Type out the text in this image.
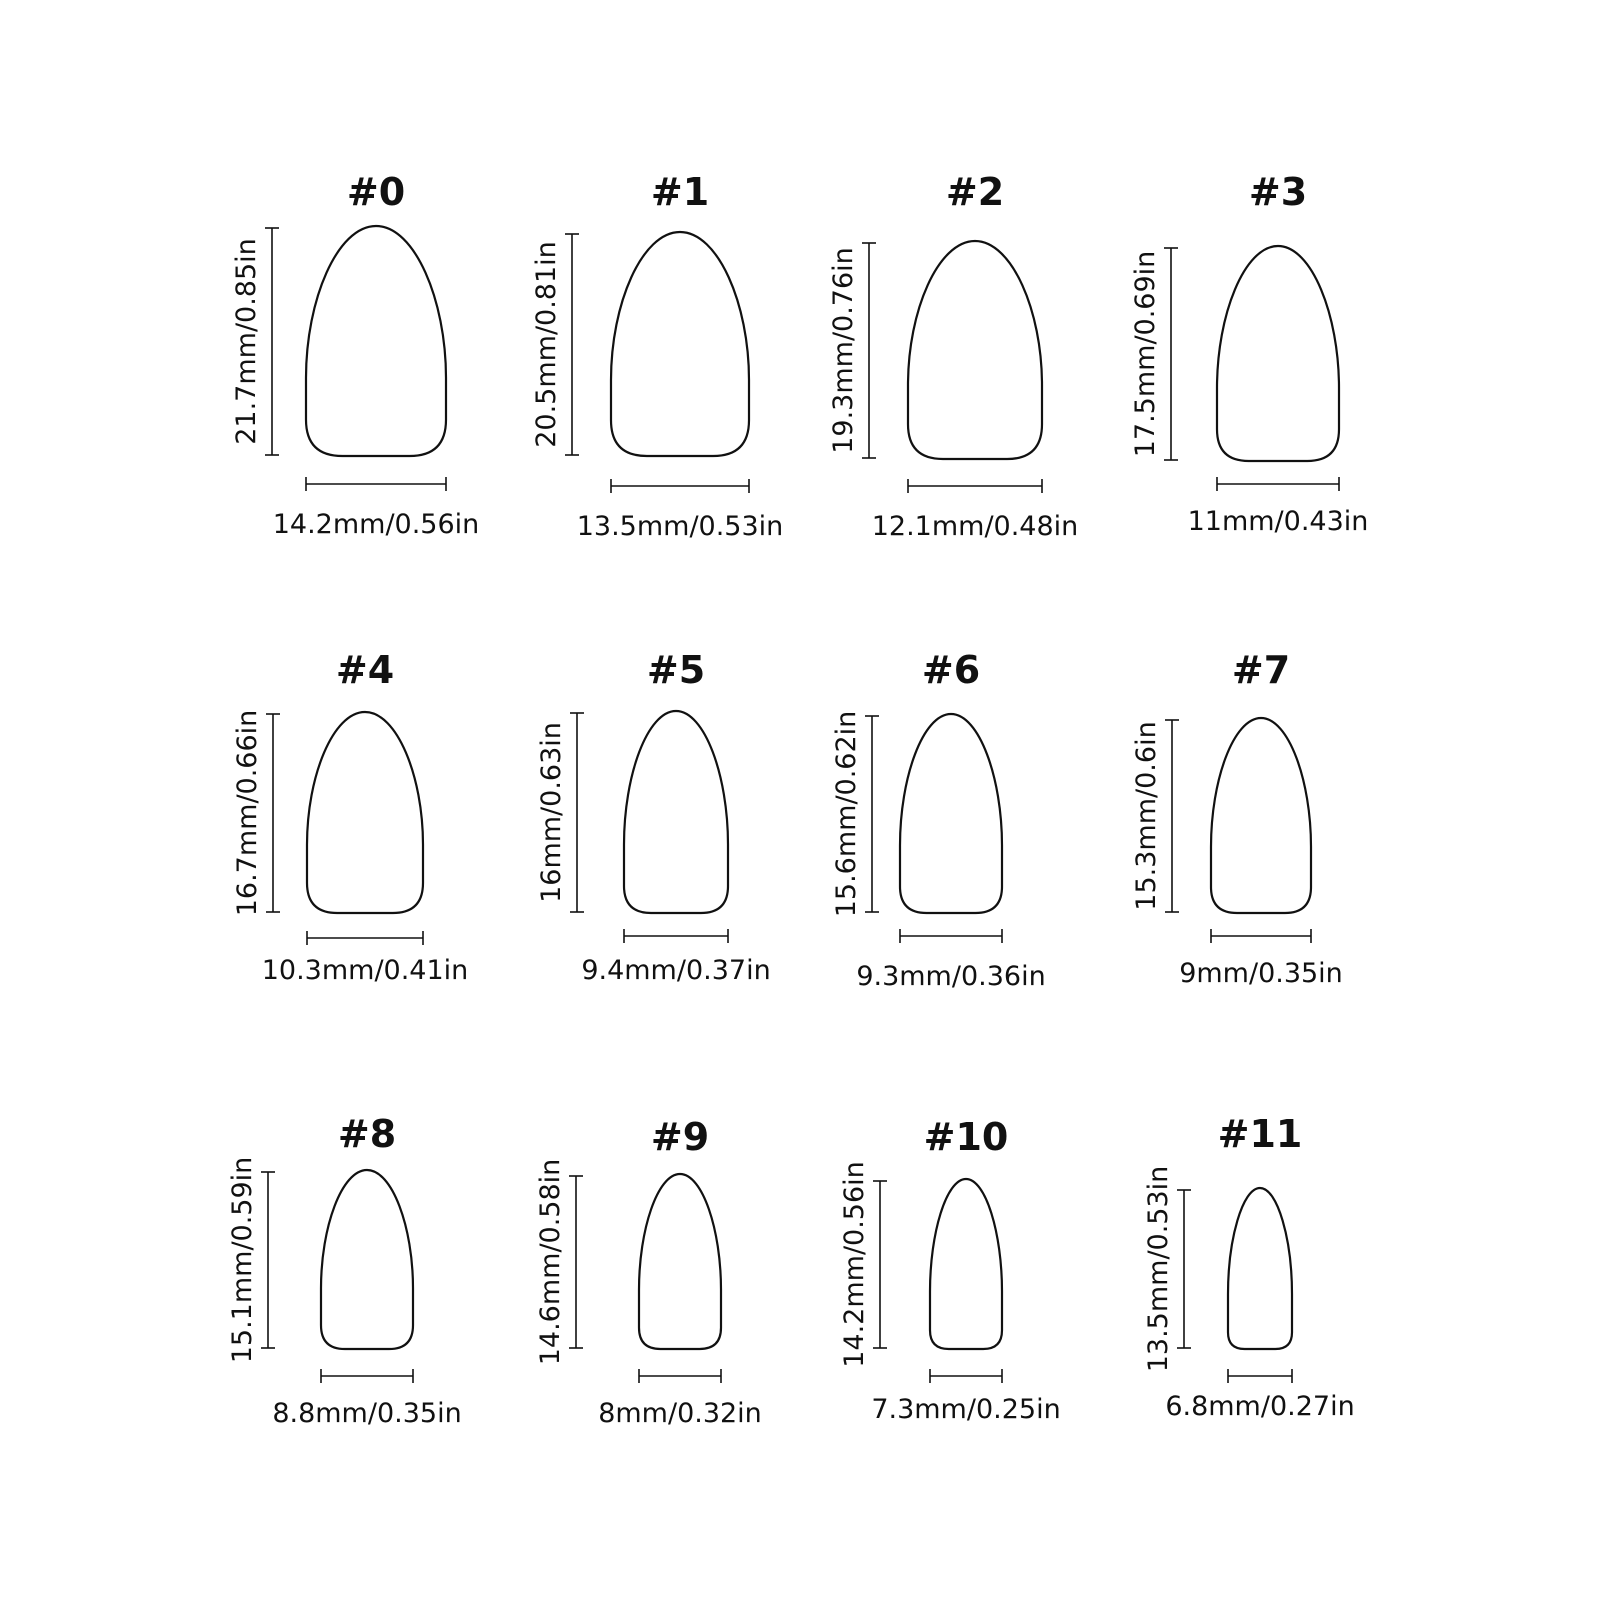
#0
21.7mm/0.85in
14.2mm/0.56in
#1
20.5mm/0.81in
13.5mm/0.53in
#2
19.3mm/0.76in
12.1mm/0.48in
#3
17.5mm/0.69in
11mm/0.43in
#4
16.7mm/0.66in
10.3mm/0.41in
#5
16mm/0.63in
9.4mm/0.37in
#6
15.6mm/0.62in
9.3mm/0.36in
#7
15.3mm/0.6in
9mm/0.35in
#8
15.1mm/0.59in
8.8mm/0.35in
#9
14.6mm/0.58in
8mm/0.32in
#10
14.2mm/0.56in
7.3mm/0.25in
#11
13.5mm/0.53in
6.8mm/0.27in
